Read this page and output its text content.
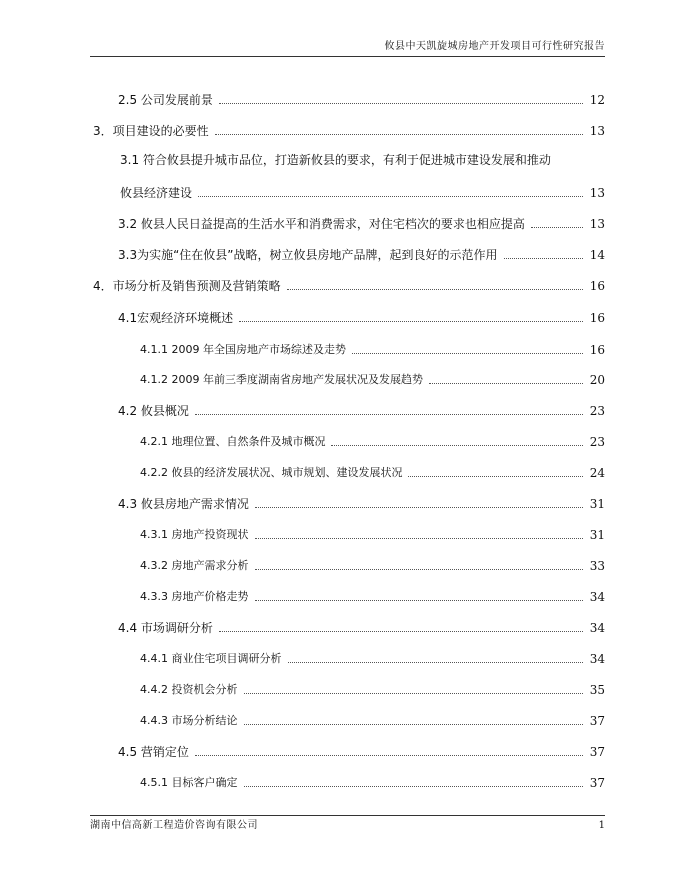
攸县中天凯旋城房地产开发项目可行性研究报告
2.5 公司发展前景	12
3．项目建设的必要性	13
3.1 符合攸县提升城市品位，打造新攸县的要求，有利于促进城市建设发展和推动
攸县经济建设	13
3.2 攸县人民日益提高的生活水平和消费需求，对住宅档次的要求也相应提高	13
3.3为实施“住在攸县”战略，树立攸县房地产品牌，起到良好的示范作用	14
4．市场分析及销售预测及营销策略	16
4.1宏观经济环境概述	16
4.1.1 2009 年全国房地产市场综述及走势	16
4.1.2 2009 年前三季度湖南省房地产发展状况及发展趋势	20
4.2 攸县概况	23
4.2.1 地理位置、自然条件及城市概况	23
4.2.2 攸县的经济发展状况、城市规划、建设发展状况	24
4.3 攸县房地产需求情况	31
4.3.1 房地产投资现状	31
4.3.2 房地产需求分析	33
4.3.3 房地产价格走势	34
4.4 市场调研分析	34
4.4.1 商业住宅项目调研分析	34
4.4.2 投资机会分析	35
4.4.3 市场分析结论	37
4.5 营销定位	37
4.5.1 目标客户确定	37
湖南中信高新工程造价咨询有限公司	1
